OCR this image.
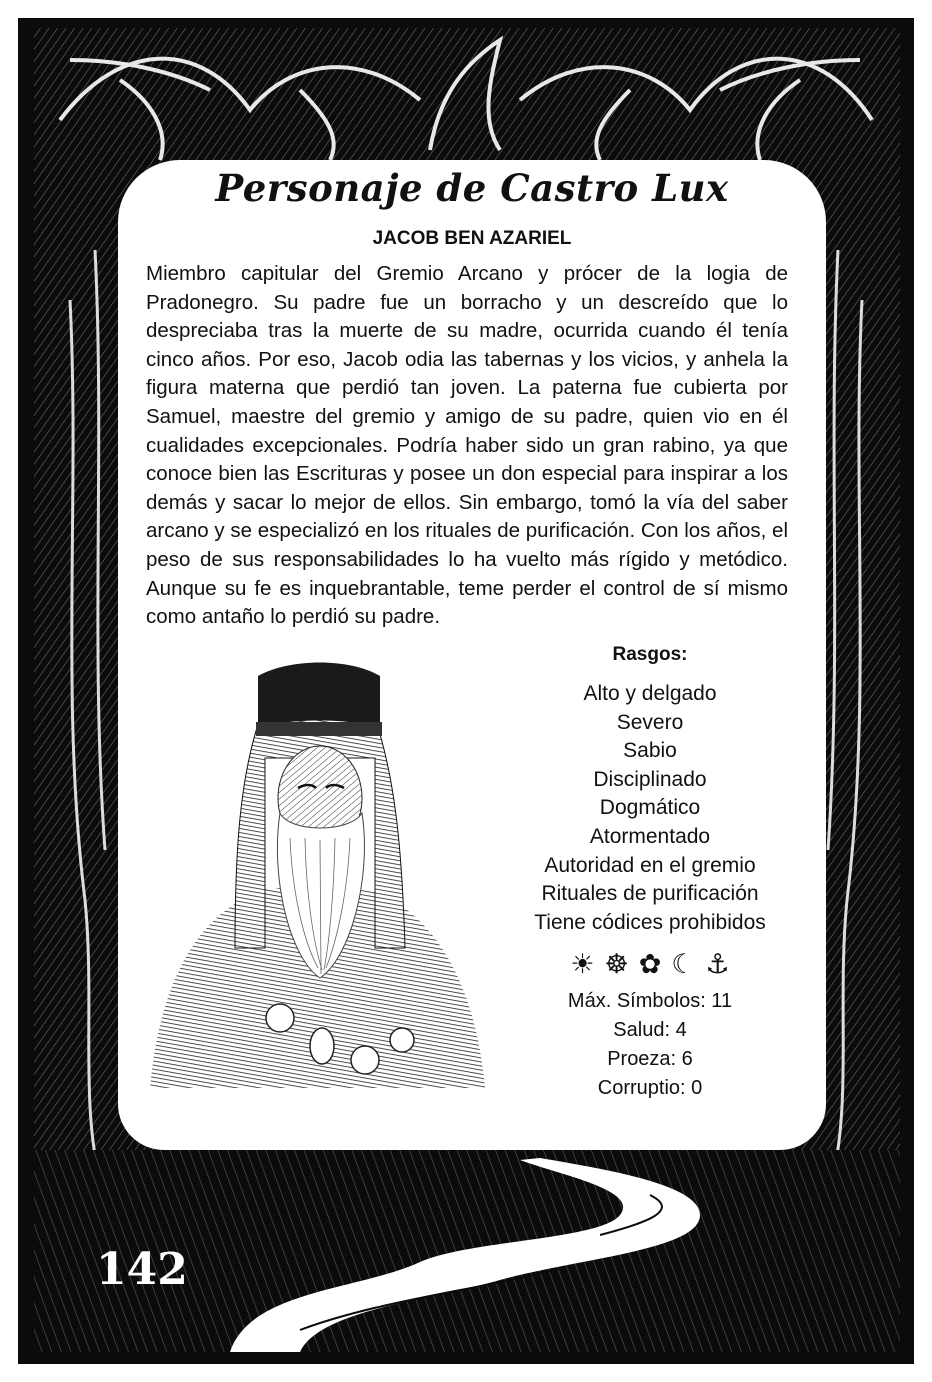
Personaje de Castro Lux
JACOB BEN AZARIEL
Miembro capitular del Gremio Arcano y prócer de la logia de Pradonegro. Su padre fue un borracho y un descreído que lo despreciaba tras la muerte de su madre, ocurrida cuando él tenía cinco años. Por eso, Jacob odia las tabernas y los vicios, y anhela la figura materna que perdió tan joven. La paterna fue cubierta por Samuel, maestre del gremio y amigo de su padre, quien vio en él cualidades excepcionales. Podría haber sido un gran rabino, ya que conoce bien las Escrituras y posee un don especial para inspirar a los demás y sacar lo mejor de ellos. Sin embargo, tomó la vía del saber arcano y se especializó en los rituales de purificación. Con los años, el peso de sus responsabilidades lo ha vuelto más rígido y metódico. Aunque su fe es inquebrantable, teme perder el control de sí mismo como antaño lo perdió su padre.
Rasgos:
Alto y delgado
Severo
Sabio
Disciplinado
Dogmático
Atormentado
Autoridad en el gremio
Rituales de purificación
Tiene códices prohibidos
☀ ☸ ✿ ☾ ⚓
Máx. Símbolos: 11
Salud: 4
Proeza: 6
Corruptio: 0
142
